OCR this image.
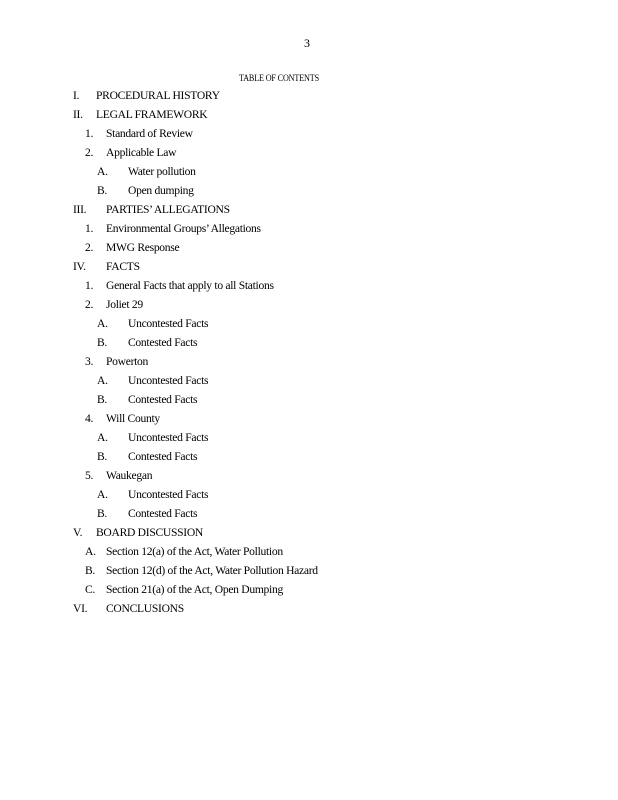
3
TABLE OF CONTENTS
I. PROCEDURAL HISTORY
II. LEGAL FRAMEWORK
1. Standard of Review
2. Applicable Law
A. Water pollution
B. Open dumping
III. PARTIES’ ALLEGATIONS
1. Environmental Groups’ Allegations
2. MWG Response
IV. FACTS
1. General Facts that apply to all Stations
2. Joliet 29
A. Uncontested Facts
B. Contested Facts
3. Powerton
A. Uncontested Facts
B. Contested Facts
4. Will County
A. Uncontested Facts
B. Contested Facts
5. Waukegan
A. Uncontested Facts
B. Contested Facts
V. BOARD DISCUSSION
A. Section 12(a) of the Act, Water Pollution
B. Section 12(d) of the Act, Water Pollution Hazard
C. Section 21(a) of the Act, Open Dumping
VI. CONCLUSIONS
